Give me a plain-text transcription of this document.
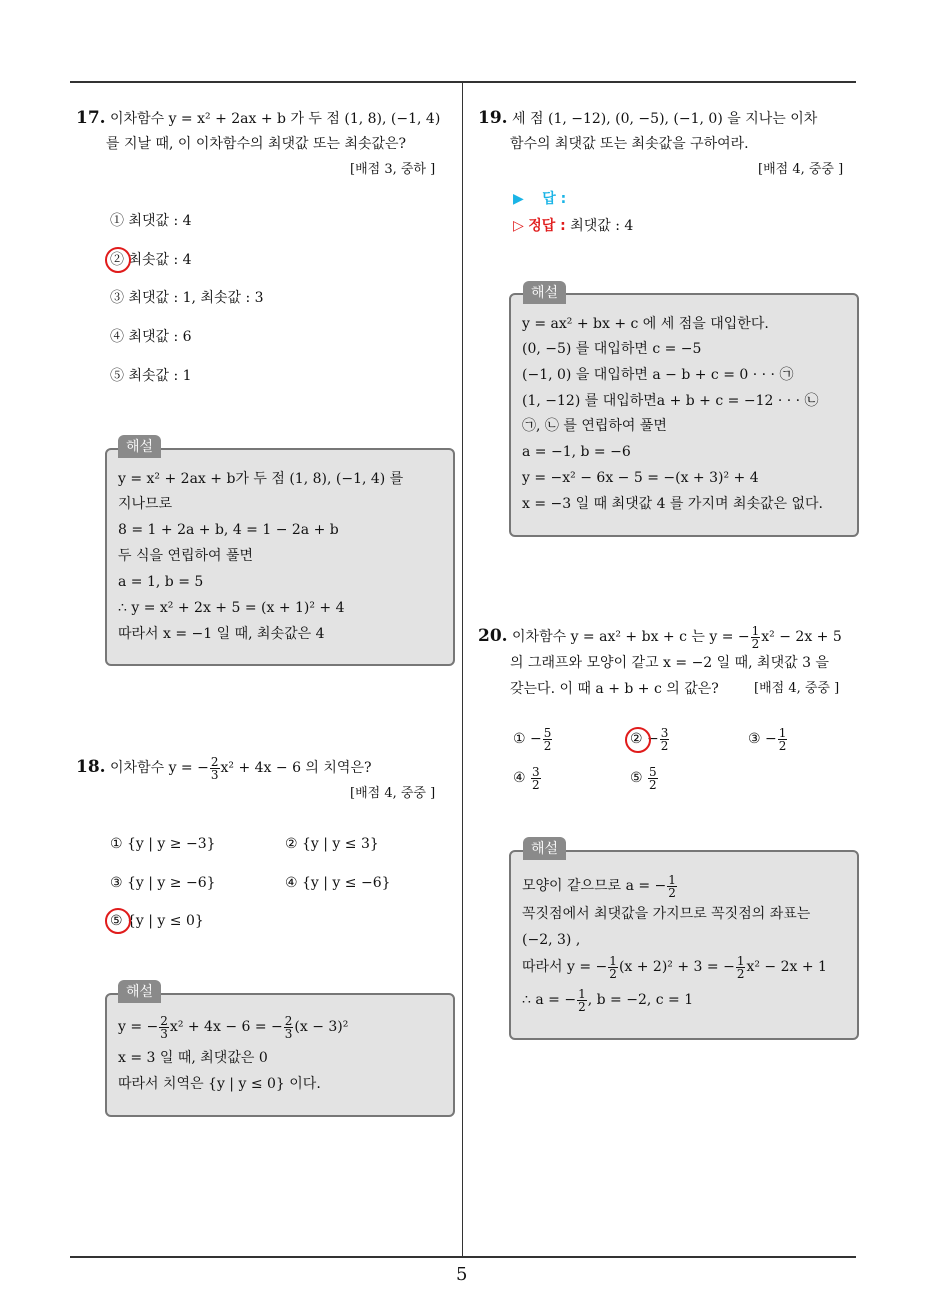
5
17. 이차함수 y = x² + 2ax + b 가 두 점 (1, 8), (−1, 4)
를 지날 때, 이 이차함수의 최댓값 또는 최솟값은?
[배점 3, 중하 ]
① 최댓값 : 4
② 최솟값 : 4
③ 최댓값 : 1, 최솟값 : 3
④ 최댓값 : 6
⑤ 최솟값 : 1
해설
y = x² + 2ax + b가 두 점 (1, 8), (−1, 4) 를
지나므로
8 = 1 + 2a + b, 4 = 1 − 2a + b
두 식을 연립하여 풀면
a = 1, b = 5
∴ y = x² + 2x + 5 = (x + 1)² + 4
따라서 x = −1 일 때, 최솟값은 4
18. 이차함수 y = − $\frac{2}{3} x^2 + 4x - 6$ 의 치역은?
[배점 4, 중중 ]
① {y | y ≥ −3}	② {y | y ≤ 3}
③ {y | y ≥ −6}	④ {y | y ≤ −6}
⑤ {y | y ≤ 0}
해설
y = − $\frac{2}{3} x^2 + 4x - 6$ = − $\frac{2}{3} (x - 3)^2$
x = 3 일 때, 최댓값은 0
따라서 치역은 {y | y ≤ 0} 이다.
19. 세 점 (1, −12), (0, −5), (−1, 0) 을 지나는 이차
함수의 최댓값 또는 최솟값을 구하여라.
[배점 4, 중중 ]
▶ 답 :
▷ 정답 : 최댓값 : 4
해설
y = ax² + bx + c 에 세 점을 대입한다.
(0, −5) 를 대입하면 c = −5
(−1, 0) 을 대입하면 a − b + c = 0 · · · ㉠
(1, −12) 를 대입하면a + b + c = −12 · · · ㉡
㉠, ㉡ 를 연립하여 풀면
a = −1, b = −6
y = −x² − 6x − 5 = −(x + 3)² + 4
x = −3 일 때 최댓값 4 를 가지며 최솟값은 없다.
20. 이차함수 y = ax² + bx + c 는 y = − $\frac{1}{2} x^2 - 2x + 5$
의 그래프와 모양이 같고 x = −2 일 때, 최댓값 3 을
갖는다. 이 때 a + b + c 의 값은?	[배점 4, 중중 ]
① − $\frac{5}{2}$	② − $\frac{3}{2}$	③ − $\frac{1}{2}$
④ $\frac{3}{2}$	⑤ $\frac{5}{2}$
해설
모양이 같으므로 a = − $\frac{1}{2}$
꼭짓점에서 최댓값을 가지므로 꼭짓점의 좌표는
(−2, 3) ,
따라서 y = − $\frac{1}{2} (x + 2)^2 + 3$ = − $\frac{1}{2} x^2 - 2x + 1$
∴ a = − $\frac{1}{2}$ , b = −2, c = 1
